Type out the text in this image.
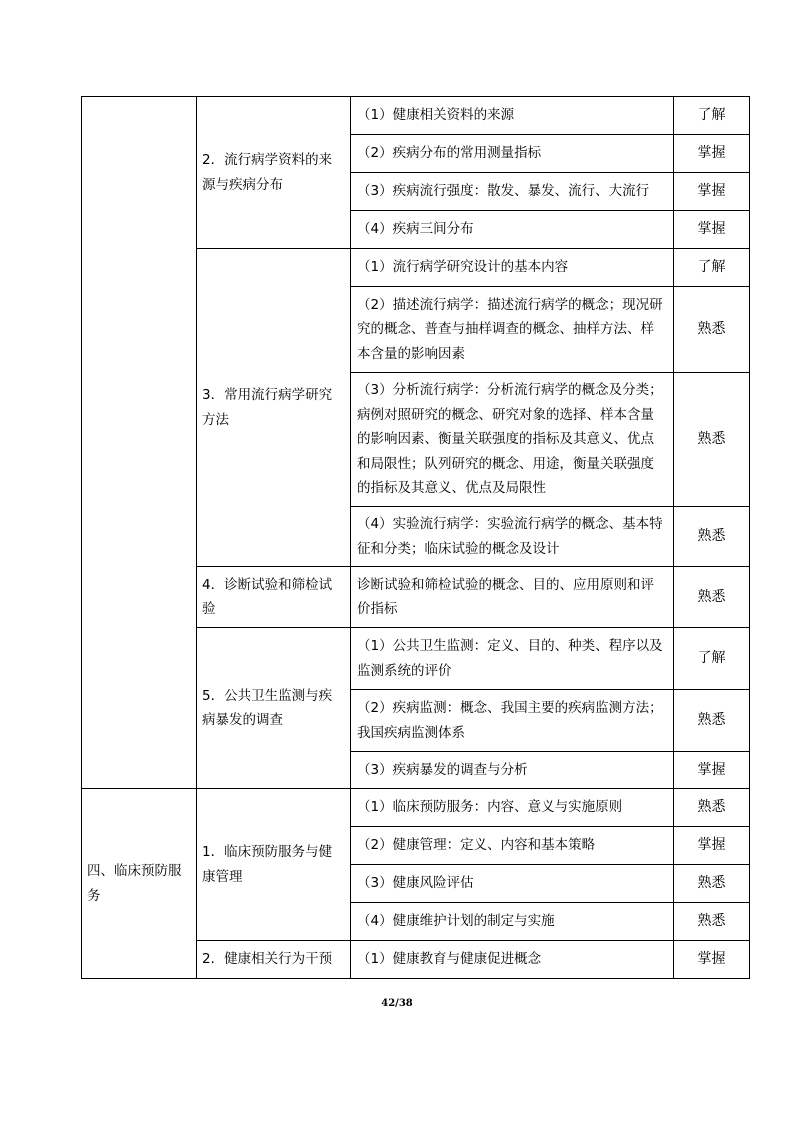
	2．流行病学资料的来源与疾病分布	（1）健康相关资料的来源	了解
		（2）疾病分布的常用测量指标	掌握
		（3）疾病流行强度：散发、暴发、流行、大流行	掌握
		（4）疾病三间分布	掌握
	3．常用流行病学研究方法	（1）流行病学研究设计的基本内容	了解
		（2）描述流行病学：描述流行病学的概念；现况研究的概念、普查与抽样调查的概念、抽样方法、样本含量的影响因素	熟悉
		（3）分析流行病学：分析流行病学的概念及分类；病例对照研究的概念、研究对象的选择、样本含量的影响因素、衡量关联强度的指标及其意义、优点和局限性；队列研究的概念、用途，衡量关联强度的指标及其意义、优点及局限性	熟悉
		（4）实验流行病学：实验流行病学的概念、基本特征和分类；临床试验的概念及设计	熟悉
	4．诊断试验和筛检试验	诊断试验和筛检试验的概念、目的、应用原则和评价指标	熟悉
	5．公共卫生监测与疾病暴发的调查	（1）公共卫生监测：定义、目的、种类、程序以及监测系统的评价	了解
		（2）疾病监测：概念、我国主要的疾病监测方法；我国疾病监测体系	熟悉
		（3）疾病暴发的调查与分析	掌握
四、临床预防服务	1．临床预防服务与健康管理	（1）临床预防服务：内容、意义与实施原则	熟悉
		（2）健康管理：定义、内容和基本策略	掌握
		（3）健康风险评估	熟悉
		（4）健康维护计划的制定与实施	熟悉
	2．健康相关行为干预	（1）健康教育与健康促进概念	掌握
42/38
